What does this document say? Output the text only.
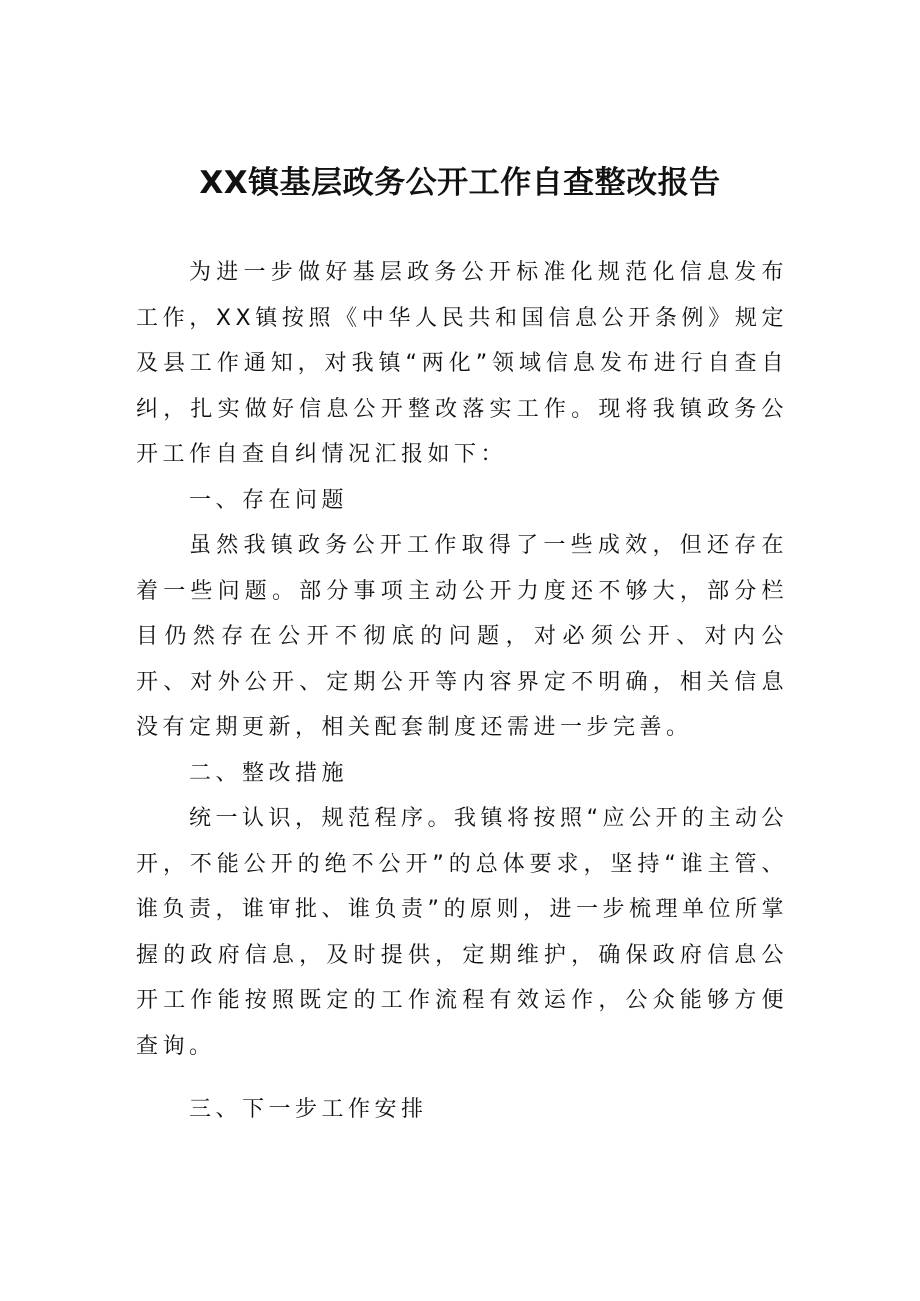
XX镇基层政务公开工作自查整改报告

为进一步做好基层政务公开标准化规范化信息发布工作，XX镇按照《中华人民共和国信息公开条例》规定及县工作通知，对我镇“两化”领域信息发布进行自查自纠，扎实做好信息公开整改落实工作。现将我镇政务公开工作自查自纠情况汇报如下：

一、存在问题

虽然我镇政务公开工作取得了一些成效，但还存在着一些问题。部分事项主动公开力度还不够大，部分栏目仍然存在公开不彻底的问题，对必须公开、对内公开、对外公开、定期公开等内容界定不明确，相关信息没有定期更新，相关配套制度还需进一步完善。

二、整改措施

统一认识，规范程序。我镇将按照“应公开的主动公开，不能公开的绝不公开”的总体要求，坚持“谁主管、谁负责，谁审批、谁负责”的原则，进一步梳理单位所掌握的政府信息，及时提供，定期维护，确保政府信息公开工作能按照既定的工作流程有效运作，公众能够方便查询。

三、下一步工作安排
